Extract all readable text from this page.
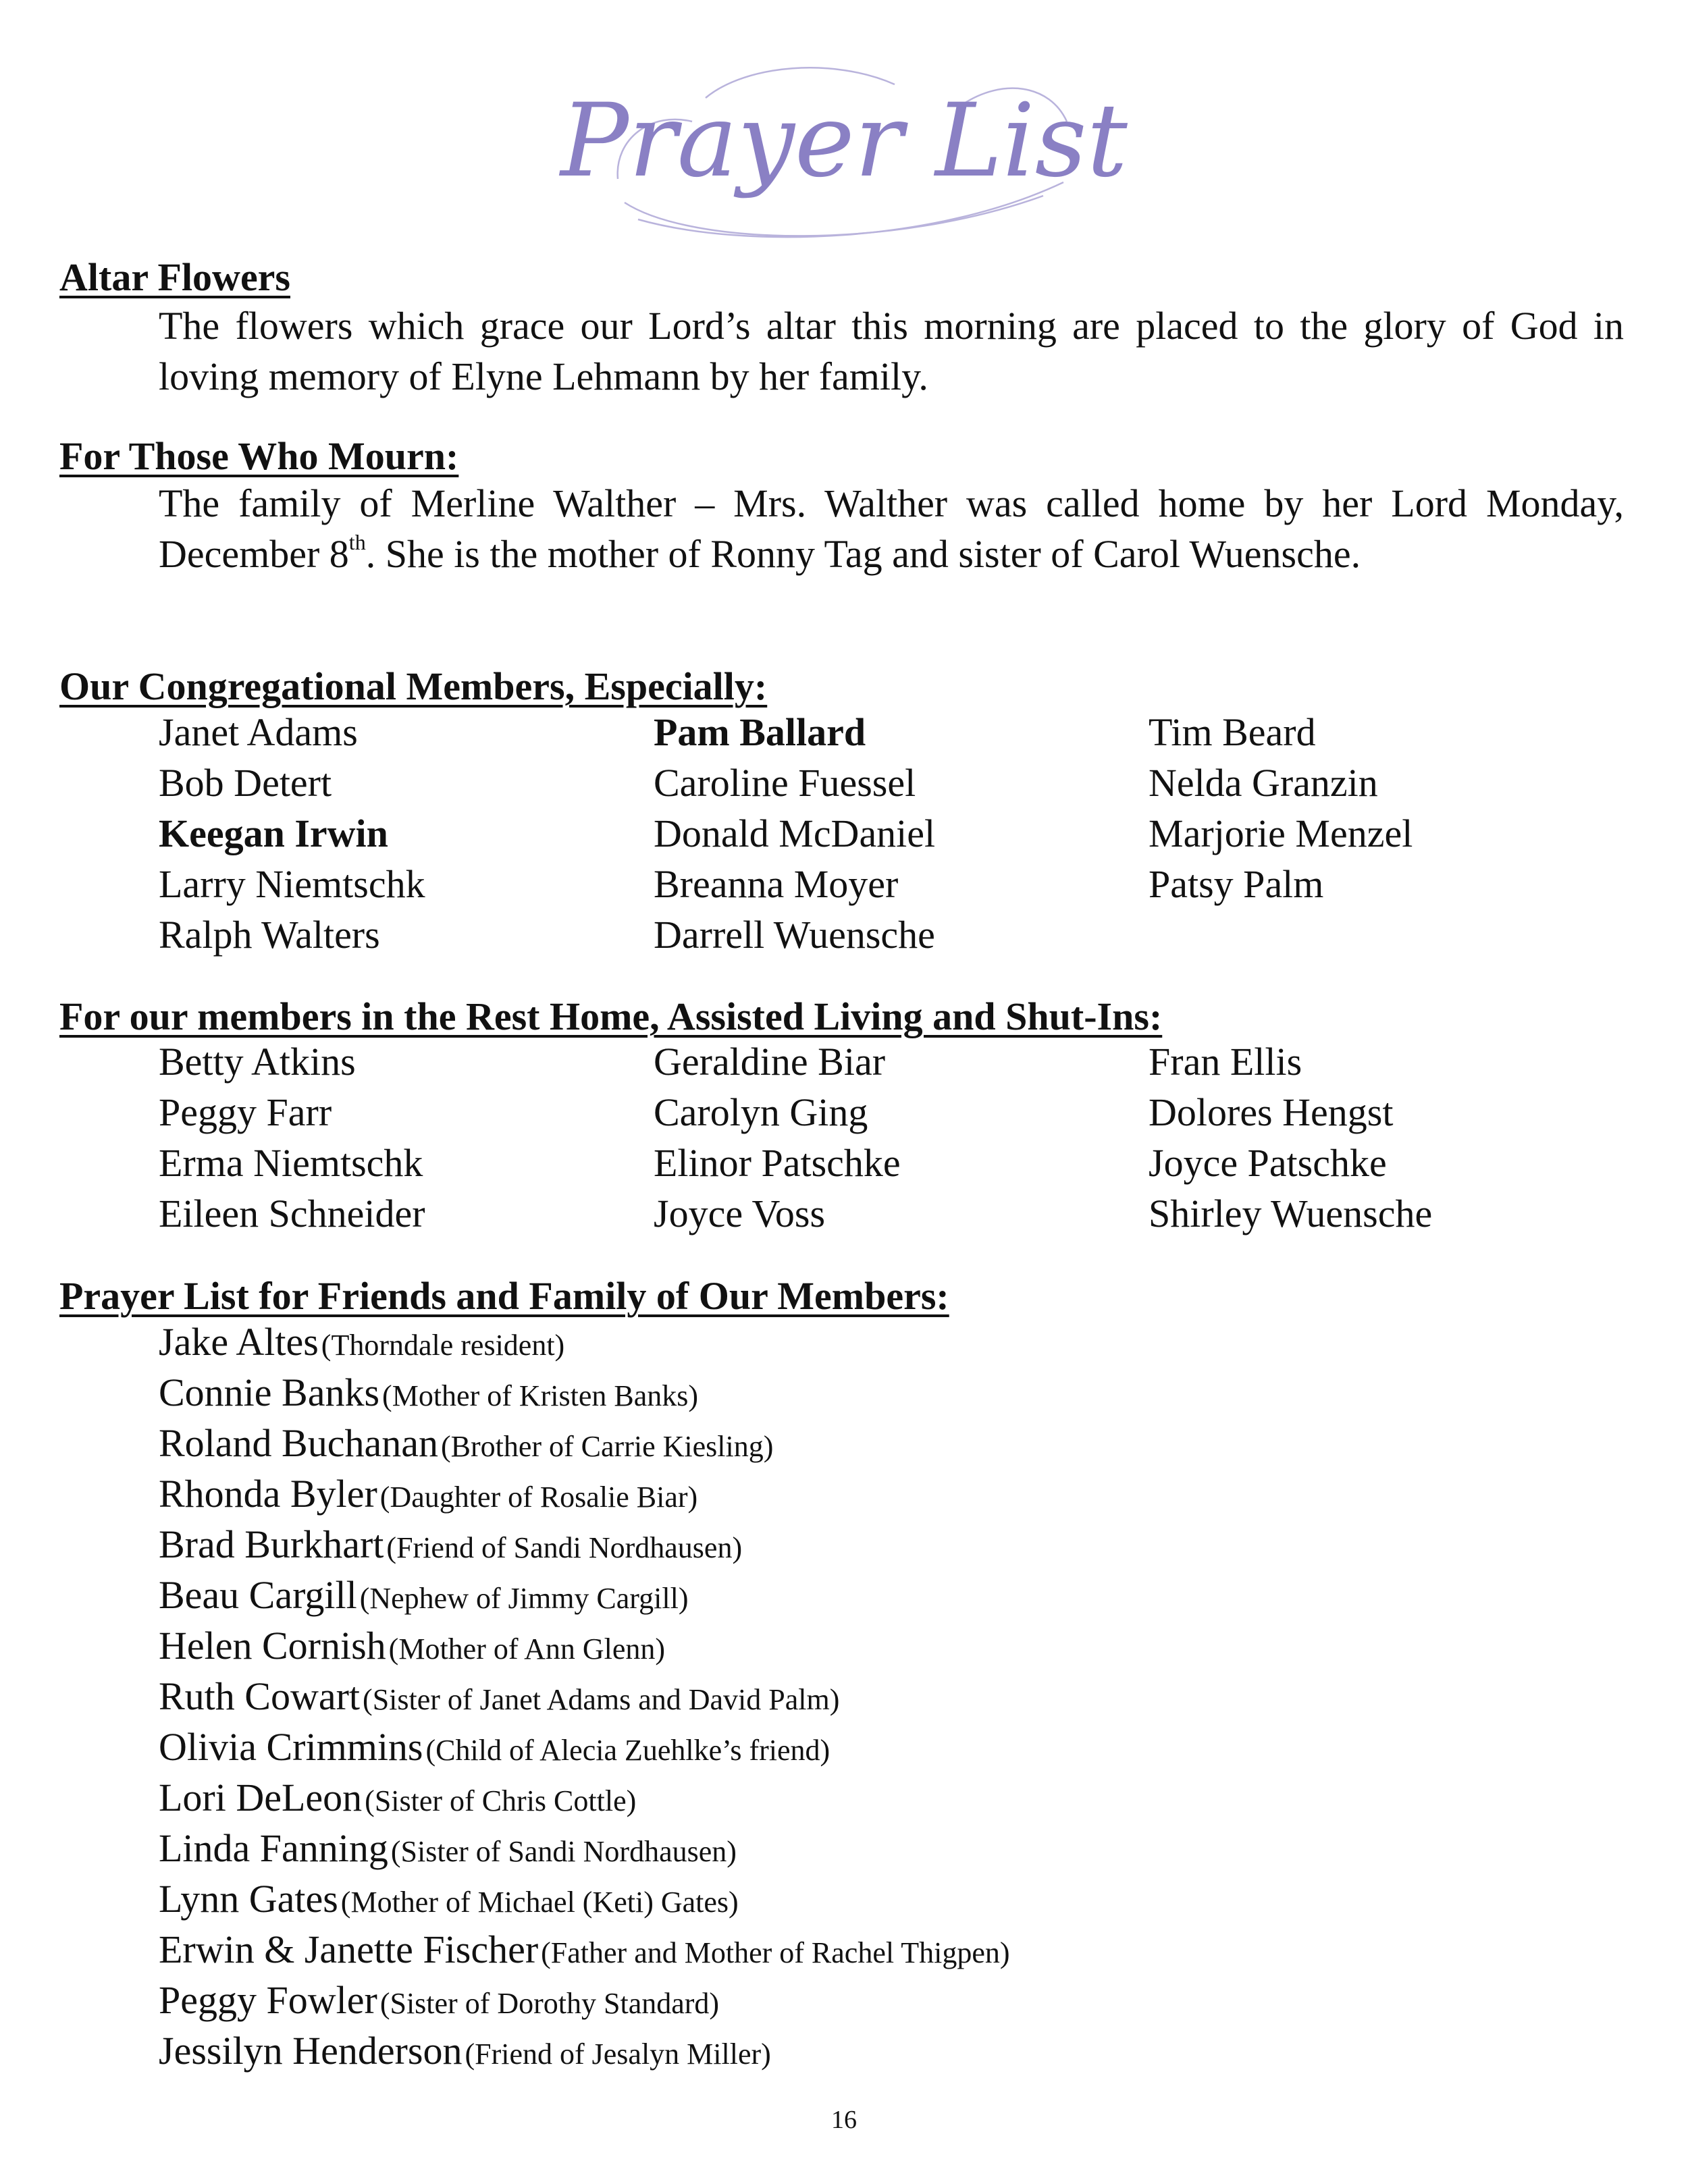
Prayer List
Altar Flowers
The flowers which grace our Lord’s altar this morning are placed to the glory of God in loving memory of Elyne Lehmann by her family.
For Those Who Mourn:
The family of Merline Walther – Mrs. Walther was called home by her Lord Monday, December 8th. She is the mother of Ronny Tag and sister of Carol Wuensche.
Our Congregational Members, Especially:
Janet Adams	Pam Ballard	Tim Beard
Bob Detert	Caroline Fuessel	Nelda Granzin
Keegan Irwin	Donald McDaniel	Marjorie Menzel
Larry Niemtschk	Breanna Moyer	Patsy Palm
Ralph Walters	Darrell Wuensche
For our members in the Rest Home, Assisted Living and Shut-Ins:
Betty Atkins	Geraldine Biar	Fran Ellis
Peggy Farr	Carolyn Ging	Dolores Hengst
Erma Niemtschk	Elinor Patschke	Joyce Patschke
Eileen Schneider	Joyce Voss	Shirley Wuensche
Prayer List for Friends and Family of Our Members:
Jake Altes (Thorndale resident)
Connie Banks (Mother of Kristen Banks)
Roland Buchanan (Brother of Carrie Kiesling)
Rhonda Byler (Daughter of Rosalie Biar)
Brad Burkhart (Friend of Sandi Nordhausen)
Beau Cargill (Nephew of Jimmy Cargill)
Helen Cornish (Mother of Ann Glenn)
Ruth Cowart (Sister of Janet Adams and David Palm)
Olivia Crimmins (Child of Alecia Zuehlke’s friend)
Lori DeLeon (Sister of Chris Cottle)
Linda Fanning (Sister of Sandi Nordhausen)
Lynn Gates (Mother of Michael (Keti) Gates)
Erwin & Janette Fischer (Father and Mother of Rachel Thigpen)
Peggy Fowler (Sister of Dorothy Standard)
Jessilyn Henderson (Friend of Jesalyn Miller)
16
